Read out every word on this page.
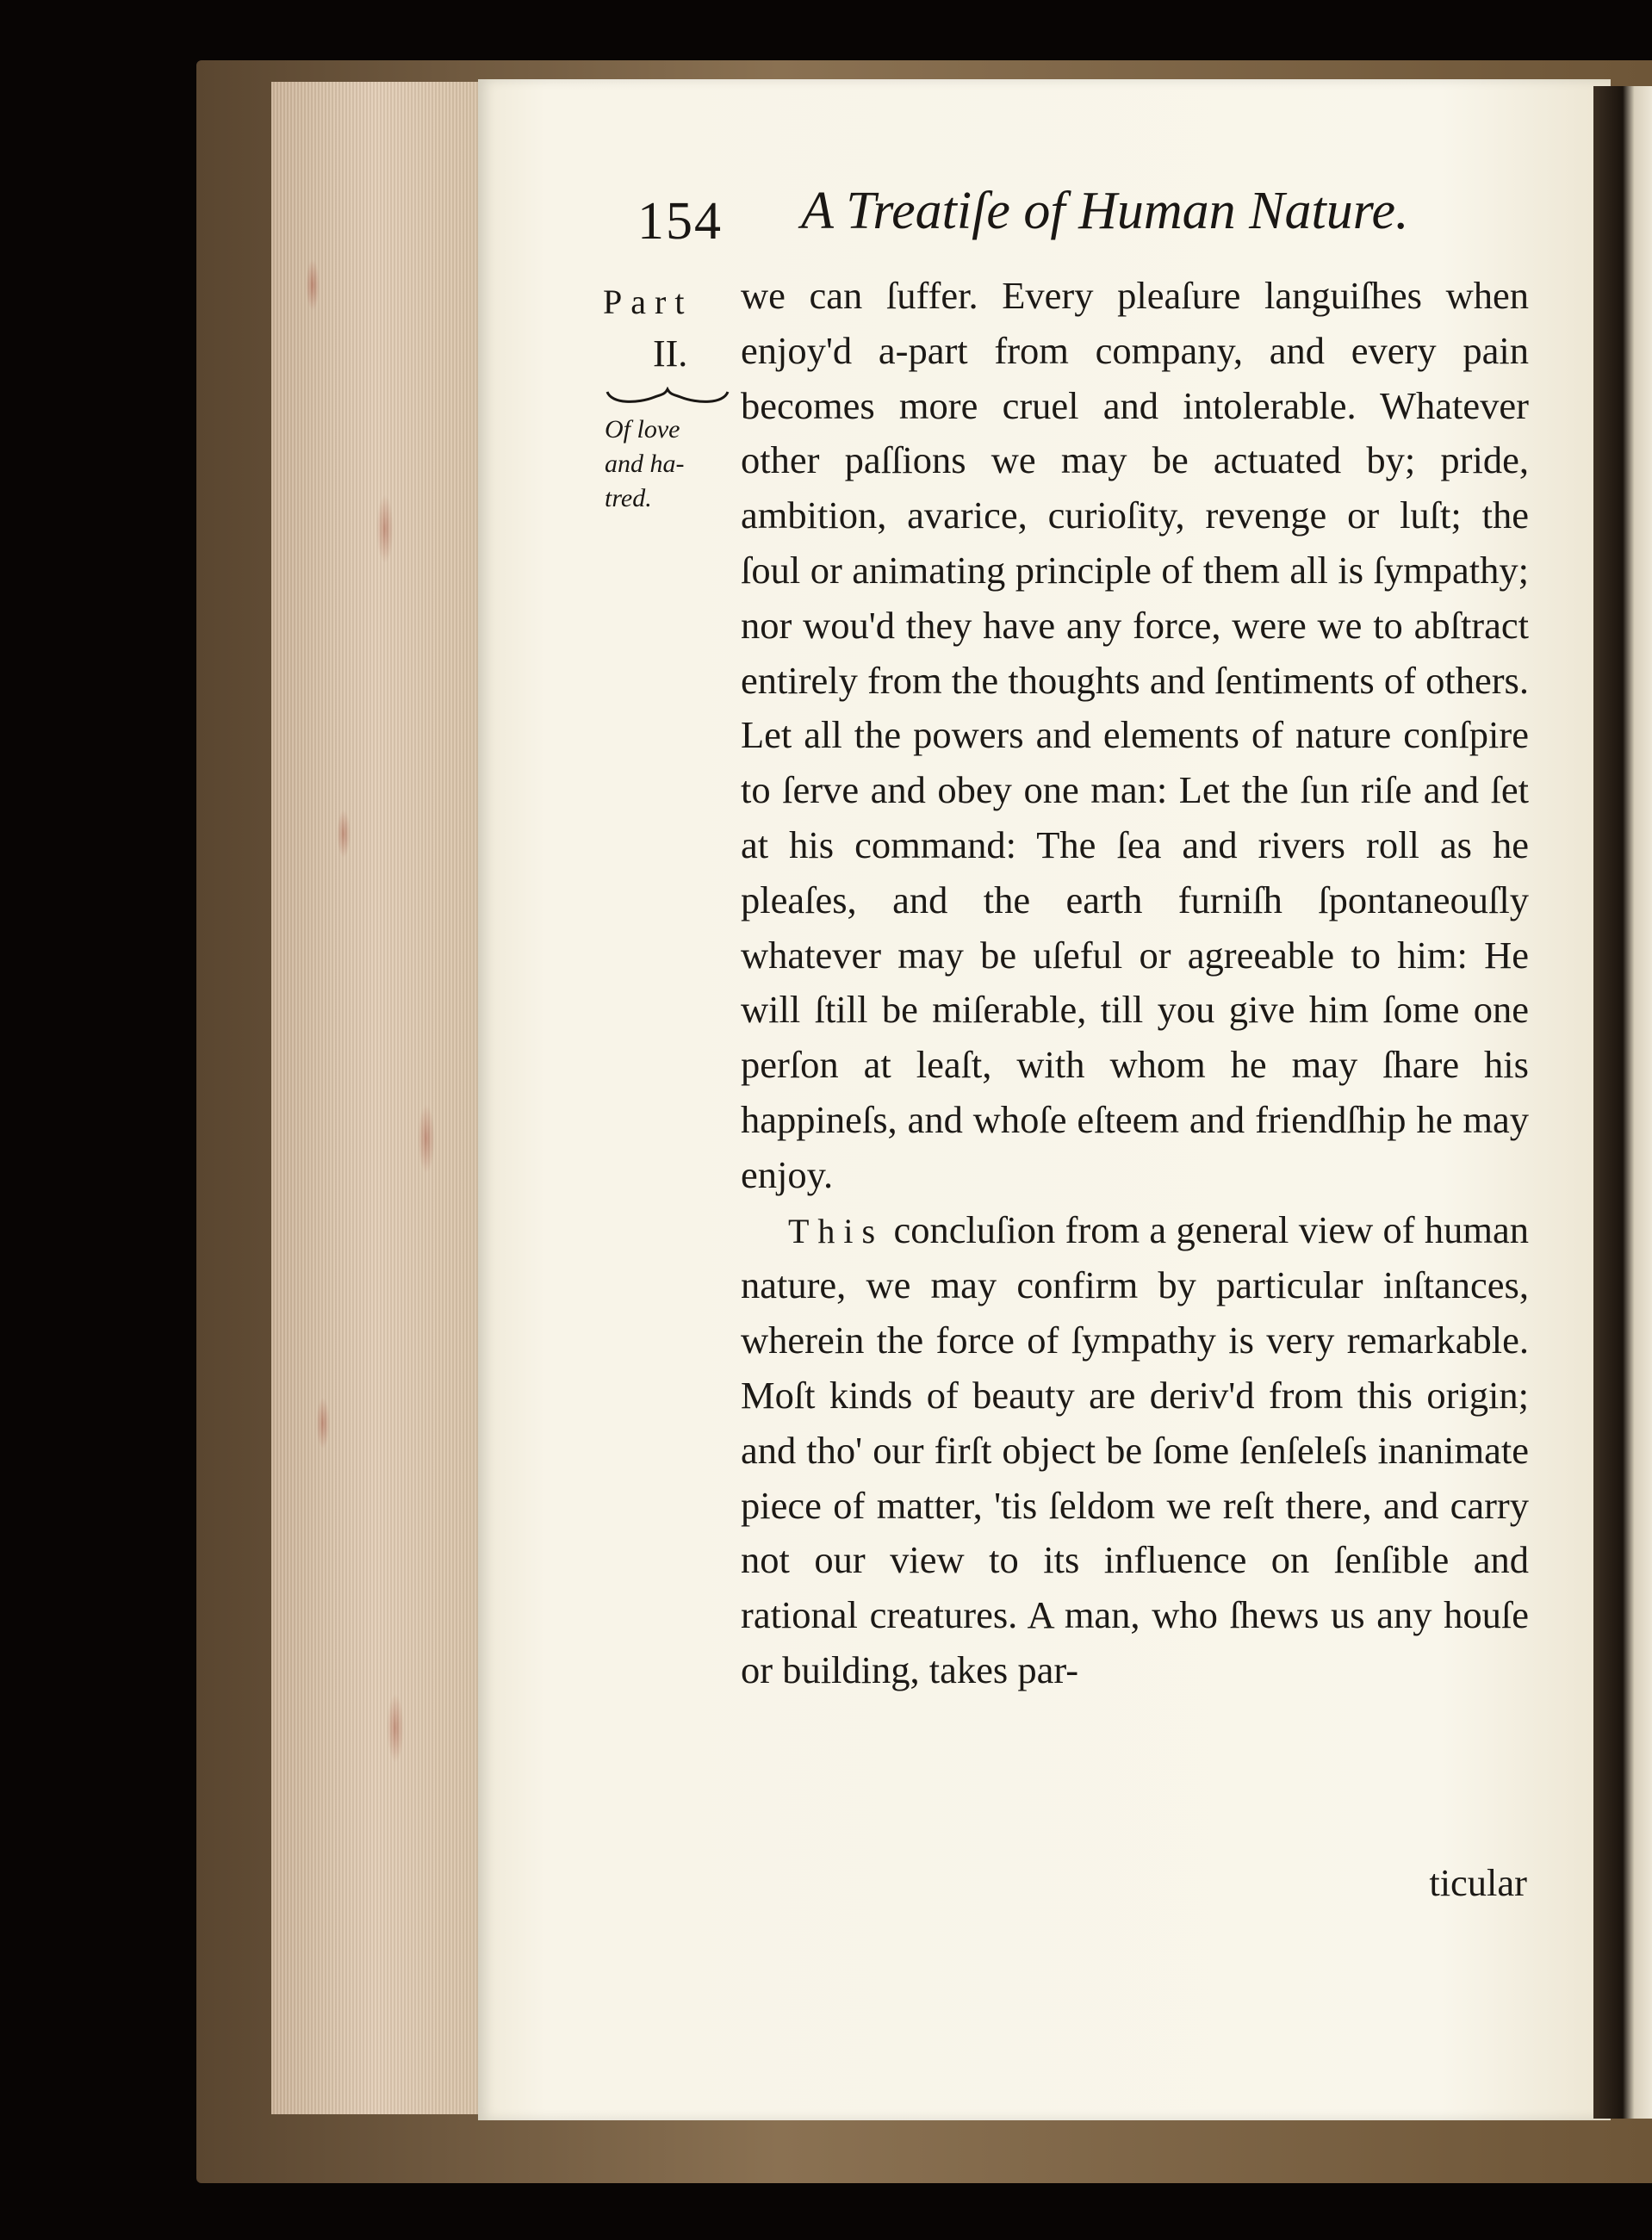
154 A Treatiſe of Human Nature.

Part

II.

Of love

and ha-

tred.

we can ſuffer. Every pleaſure languiſhes when enjoy'd a-part from company, and every pain becomes more cruel and intolerable. Whatever other paſſions we may be actuated by; pride, ambition, avarice, curioſity, revenge or luſt; the ſoul or animating principle of them all is ſympathy; nor wou'd they have any force, were we to abſtract entirely from the thoughts and ſentiments of others. Let all the powers and elements of nature conſpire to ſerve and obey one man: Let the ſun riſe and ſet at his command: The ſea and rivers roll as he pleaſes, and the earth furniſh ſpontaneouſly whatever may be uſeful or agreeable to him: He will ſtill be miſerable, till you give him ſome one perſon at leaſt, with whom he may ſhare his happineſs, and whoſe eſteem and friendſhip he may enjoy.

This concluſion from a general view of human nature, we may confirm by particular inſtances, wherein the force of ſympathy is very remarkable. Moſt kinds of beauty are deriv'd from this origin; and tho' our firſt object be ſome ſenſeleſs inanimate piece of matter, 'tis ſeldom we reſt there, and carry not our view to its influence on ſenſible and rational creatures. A man, who ſhews us any houſe or building, takes par-

ticular
